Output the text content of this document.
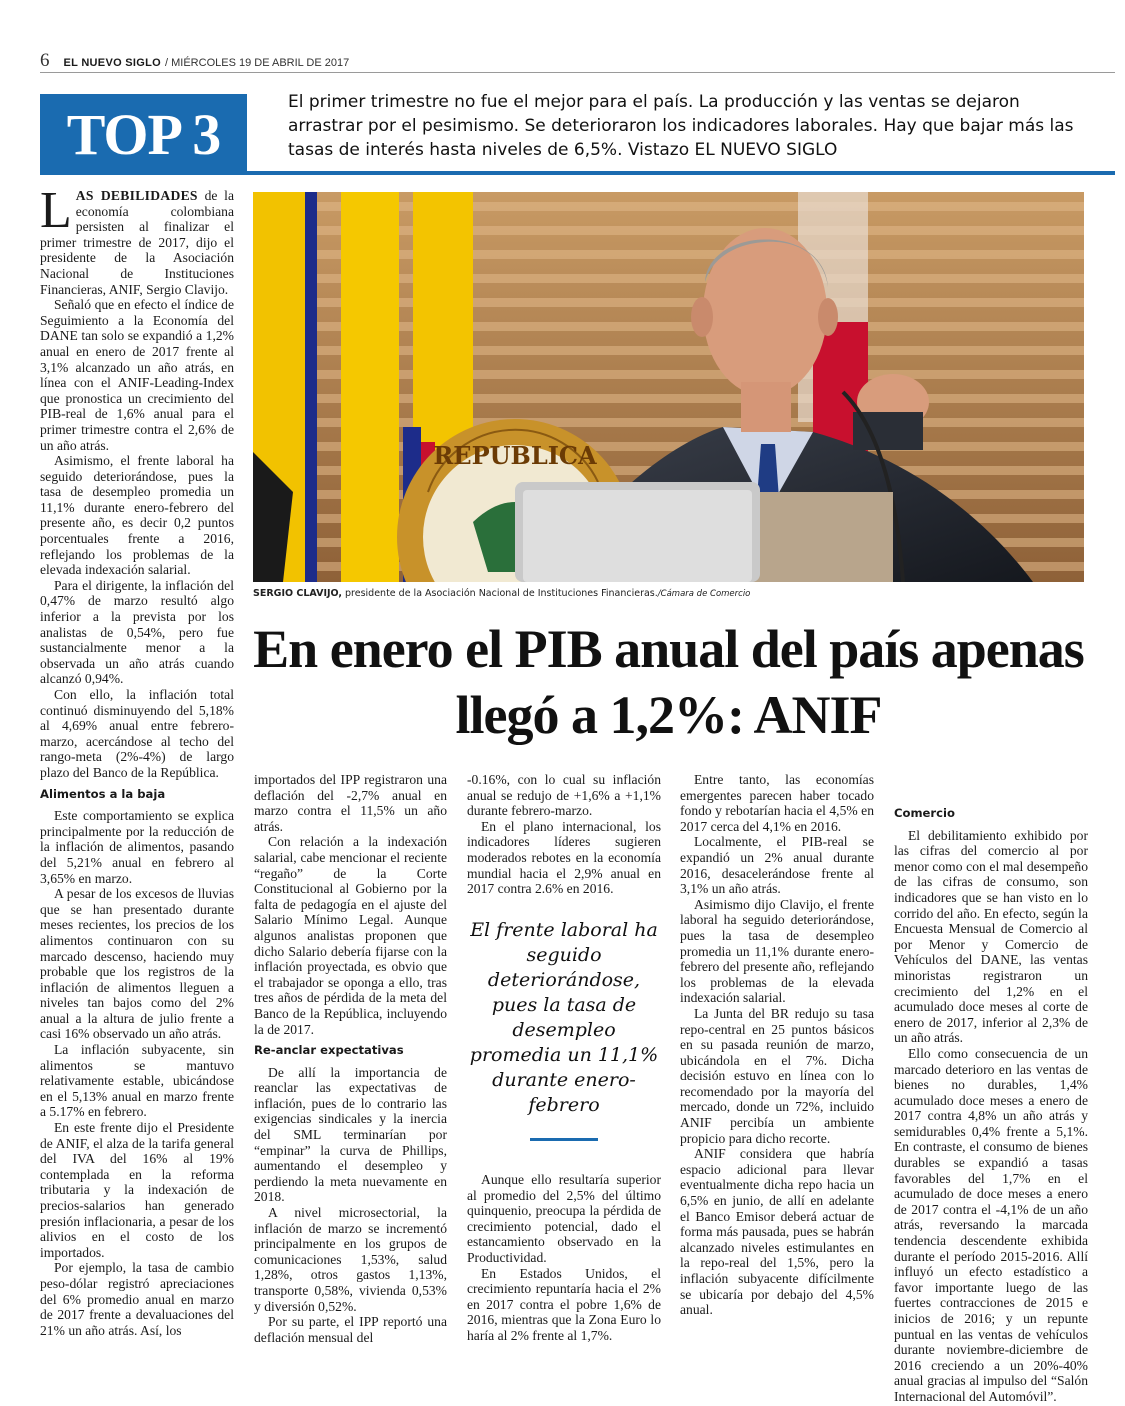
6 EL NUEVO SIGLO / MIÉRCOLES 19 DE ABRIL DE 2017
TOP 3	El primer trimestre no fue el mejor para el país. La producción y las ventas se dejaron arrastrar por el pesimismo. Se deterioraron los indicadores laborales. Hay que bajar más las tasas de interés hasta niveles de 6,5%. Vistazo EL NUEVO SIGLO
REPUBLICA
SERGIO CLAVIJO, presidente de la Asociación Nacional de Instituciones Financieras./Cámara de Comercio
En enero el PIB anual del país apenas llegó a 1,2%: ANIF

LAS DEBILIDADES de la economía colombiana persisten al finalizar el primer trimestre de 2017, dijo el presidente de la Asociación Nacional de Instituciones Financieras, ANIF, Sergio Clavijo.

Señaló que en efecto el índice de Seguimiento a la Economía del DANE tan solo se expandió a 1,2% anual en enero de 2017 frente al 3,1% alcanzado un año atrás, en línea con el ANIF-Leading-Index que pronostica un crecimiento del PIB-real de 1,6% anual para el primer trimestre contra el 2,6% de un año atrás.

Asimismo, el frente laboral ha seguido deteriorándose, pues la tasa de desempleo promedia un 11,1% durante enero-febrero del presente año, es decir 0,2 puntos porcentuales frente a 2016, reflejando los problemas de la elevada indexación salarial.

Para el dirigente, la inflación del 0,47% de marzo resultó algo inferior a la prevista por los analistas de 0,54%, pero fue sustancialmente menor a la observada un año atrás cuando alcanzó 0,94%.

Con ello, la inflación total continuó disminuyendo del 5,18% al 4,69% anual entre febrero-marzo, acercándose al techo del rango-meta (2%-4%) de largo plazo del Banco de la República.

Alimentos a la baja

Este comportamiento se explica principalmente por la reducción de la inflación de alimentos, pasando del 5,21% anual en febrero al 3,65% en marzo.

A pesar de los excesos de lluvias que se han presentado durante meses recientes, los precios de los alimentos continuaron con su marcado descenso, haciendo muy probable que los registros de la inflación de alimentos lleguen a niveles tan bajos como del 2% anual a la altura de julio frente a casi 16% observado un año atrás.

La inflación subyacente, sin alimentos se mantuvo relativamente estable, ubicándose en el 5,13% anual en marzo frente a 5.17% en febrero.

En este frente dijo el Presidente de ANIF, el alza de la tarifa general del IVA del 16% al 19% contemplada en la reforma tributaria y la indexación de precios-salarios han generado presión inflacionaria, a pesar de los alivios en el costo de los importados.

Por ejemplo, la tasa de cambio peso-dólar registró apreciaciones del 6% promedio anual en marzo de 2017 frente a devaluaciones del 21% un año atrás. Así, los

importados del IPP registraron una deflación del -2,7% anual en marzo contra el 11,5% un año atrás.

Con relación a la indexación salarial, cabe mencionar el reciente “regaño” de la Corte Constitucional al Gobierno por la falta de pedagogía en el ajuste del Salario Mínimo Legal. Aunque algunos analistas proponen que dicho Salario debería fijarse con la inflación proyectada, es obvio que el trabajador se oponga a ello, tras tres años de pérdida de la meta del Banco de la República, incluyendo la de 2017.

Re-anclar expectativas

De allí la importancia de reanclar las expectativas de inflación, pues de lo contrario las exigencias sindicales y la inercia del SML terminarían por “empinar” la curva de Phillips, aumentando el desempleo y perdiendo la meta nuevamente en 2018.

A nivel microsectorial, la inflación de marzo se incrementó principalmente en los grupos de comunicaciones 1,53%, salud 1,28%, otros gastos 1,13%, transporte 0,58%, vivienda 0,53% y diversión 0,52%.

Por su parte, el IPP reportó una deflación mensual del

-0.16%, con lo cual su inflación anual se redujo de +1,6% a +1,1% durante febrero-marzo.

En el plano internacional, los indicadores líderes sugieren moderados rebotes en la economía mundial hacia el 2,9% anual en 2017 contra 2.6% en 2016.

El frente laboral ha seguido deteriorándose, pues la tasa de desempleo promedia un 11,1% durante enero-febrero

Aunque ello resultaría superior al promedio del 2,5% del último quinquenio, preocupa la pérdida de crecimiento potencial, dado el estancamiento observado en la Productividad.

En Estados Unidos, el crecimiento repuntaría hacia el 2% en 2017 contra el pobre 1,6% de 2016, mientras que la Zona Euro lo haría al 2% frente al 1,7%.

Entre tanto, las economías emergentes parecen haber tocado fondo y rebotarían hacia el 4,5% en 2017 cerca del 4,1% en 2016.

Localmente, el PIB-real se expandió un 2% anual durante 2016, desacelerándose frente al 3,1% un año atrás.

Asimismo dijo Clavijo, el frente laboral ha seguido deteriorándose, pues la tasa de desempleo promedia un 11,1% durante enero-febrero del presente año, reflejando los problemas de la elevada indexación salarial.

La Junta del BR redujo su tasa repo-central en 25 puntos básicos en su pasada reunión de marzo, ubicándola en el 7%. Dicha decisión estuvo en línea con lo recomendado por la mayoría del mercado, donde un 72%, incluido ANIF percibía un ambiente propicio para dicho recorte.

ANIF considera que habría espacio adicional para llevar eventualmente dicha repo hacia un 6,5% en junio, de allí en adelante el Banco Emisor deberá actuar de forma más pausada, pues se habrán alcanzado niveles estimulantes en la repo-real del 1,5%, pero la inflación subyacente difícilmente se ubicaría por debajo del 4,5% anual.

Comercio

El debilitamiento exhibido por las cifras del comercio al por menor como con el mal desempeño de las cifras de consumo, son indicadores que se han visto en lo corrido del año. En efecto, según la Encuesta Mensual de Comercio al por Menor y Comercio de Vehículos del DANE, las ventas minoristas registraron un crecimiento del 1,2% en el acumulado doce meses al corte de enero de 2017, inferior al 2,3% de un año atrás.

Ello como consecuencia de un marcado deterioro en las ventas de bienes no durables, 1,4% acumulado doce meses a enero de 2017 contra 4,8% un año atrás y semidurables 0,4% frente a 5,1%. En contraste, el consumo de bienes durables se expandió a tasas favorables del 1,7% en el acumulado de doce meses a enero de 2017 contra el -4,1% de un año atrás, reversando la marcada tendencia descendente exhibida durante el período 2015-2016. Allí influyó un efecto estadístico a favor importante luego de las fuertes contracciones de 2015 e inicios de 2016; y un repunte puntual en las ventas de vehículos durante noviembre-diciembre de 2016 creciendo a un 20%-40% anual gracias al impulso del “Salón Internacional del Automóvil”.
